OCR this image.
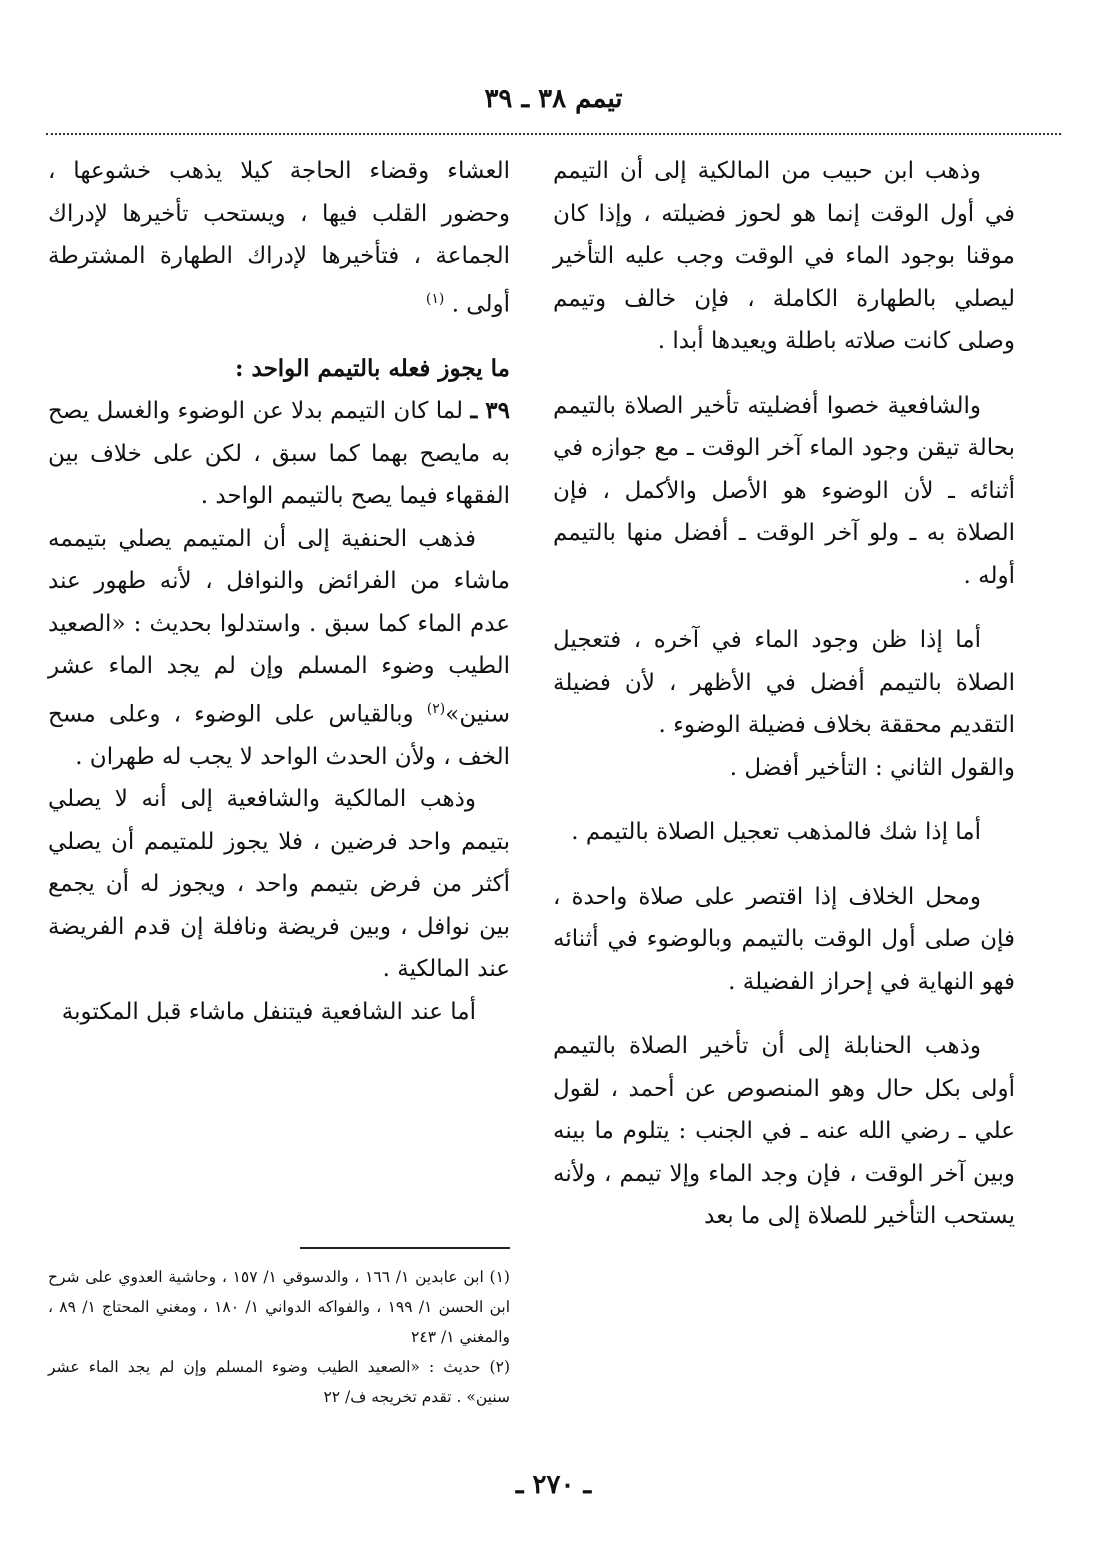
تيمم ٣٨ ـ ٣٩

وذهب ابن حبيب من المالكية إلى أن التيمم في أول الوقت إنما هو لحوز فضيلته ، وإذا كان موقنا بوجود الماء في الوقت وجب عليه التأخير ليصلي بالطهارة الكاملة ، فإن خالف وتيمم وصلى كانت صلاته باطلة ويعيدها أبدا .

والشافعية خصوا أفضليته تأخير الصلاة بالتيمم بحالة تيقن وجود الماء آخر الوقت ـ مع جوازه في أثنائه ـ لأن الوضوء هو الأصل والأكمل ، فإن الصلاة به ـ ولو آخر الوقت ـ أفضل منها بالتيمم أوله .

أما إذا ظن وجود الماء في آخره ، فتعجيل الصلاة بالتيمم أفضل في الأظهر ، لأن فضيلة التقديم محققة بخلاف فضيلة الوضوء .

والقول الثاني : التأخير أفضل .

أما إذا شك فالمذهب تعجيل الصلاة بالتيمم .

ومحل الخلاف إذا اقتصر على صلاة واحدة ، فإن صلى أول الوقت بالتيمم وبالوضوء في أثنائه فهو النهاية في إحراز الفضيلة .

وذهب الحنابلة إلى أن تأخير الصلاة بالتيمم أولى بكل حال وهو المنصوص عن أحمد ، لقول علي ـ رضي الله عنه ـ في الجنب : يتلوم ما بينه وبين آخر الوقت ، فإن وجد الماء وإلا تيمم ، ولأنه يستحب التأخير للصلاة إلى ما بعد

العشاء وقضاء الحاجة كيلا يذهب خشوعها ، وحضور القلب فيها ، ويستحب تأخيرها لإدراك الجماعة ، فتأخيرها لإدراك الطهارة المشترطة أولى . $^{(١)}$

ما يجوز فعله بالتيمم الواحد :

٣٩ ـ لما كان التيمم بدلا عن الوضوء والغسل يصح به مايصح بهما كما سبق ، لكن على خلاف بين الفقهاء فيما يصح بالتيمم الواحد .

فذهب الحنفية إلى أن المتيمم يصلي بتيممه ماشاء من الفرائض والنوافل ، لأنه طهور عند عدم الماء كما سبق . واستدلوا بحديث : «الصعيد الطيب وضوء المسلم وإن لم يجد الماء عشر سنين»$^{(٢)}$ وبالقياس على الوضوء ، وعلى مسح الخف ، ولأن الحدث الواحد لا يجب له طهران .

وذهب المالكية والشافعية إلى أنه لا يصلي بتيمم واحد فرضين ، فلا يجوز للمتيمم أن يصلي أكثر من فرض بتيمم واحد ، ويجوز له أن يجمع بين نوافل ، وبين فريضة ونافلة إن قدم الفريضة عند المالكية .

أما عند الشافعية فيتنفل ماشاء قبل المكتوبة

(١) ابن عابدين ١/ ١٦٦ ، والدسوقي ١/ ١٥٧ ، وحاشية العدوي على شرح ابن الحسن ١/ ١٩٩ ، والفواكه الدواني ١/ ١٨٠ ، ومغني المحتاج ١/ ٨٩ ، والمغني ١/ ٢٤٣

(٢) حديث : «الصعيد الطيب وضوء المسلم وإن لم يجد الماء عشر سنين» . تقدم تخريجه ف/ ٢٢

ـ ٢٧٠ ـ
